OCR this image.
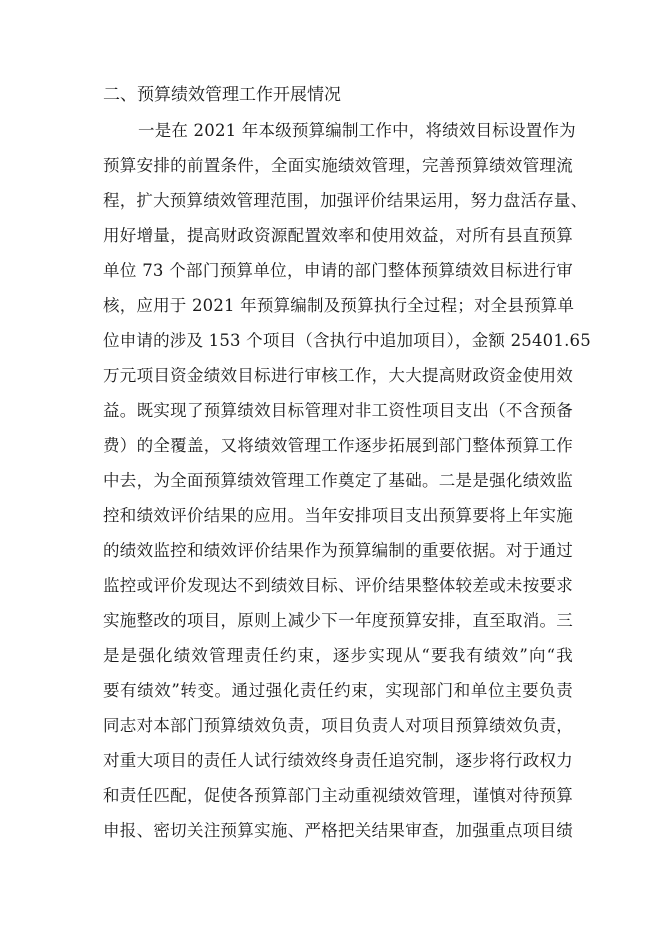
二、预算绩效管理工作开展情况
一是在 2021 年本级预算编制工作中，将绩效目标设置作为
预算安排的前置条件，全面实施绩效管理，完善预算绩效管理流
程，扩大预算绩效管理范围，加强评价结果运用，努力盘活存量、
用好增量，提高财政资源配置效率和使用效益，对所有县直预算
单位 73 个部门预算单位，申请的部门整体预算绩效目标进行审
核，应用于 2021 年预算编制及预算执行全过程；对全县预算单
位申请的涉及 153 个项目（含执行中追加项目），金额 25401.65
万元项目资金绩效目标进行审核工作，大大提高财政资金使用效
益。既实现了预算绩效目标管理对非工资性项目支出（不含预备
费）的全覆盖，又将绩效管理工作逐步拓展到部门整体预算工作
中去，为全面预算绩效管理工作奠定了基础。二是是强化绩效监
控和绩效评价结果的应用。当年安排项目支出预算要将上年实施
的绩效监控和绩效评价结果作为预算编制的重要依据。对于通过
监控或评价发现达不到绩效目标、评价结果整体较差或未按要求
实施整改的项目，原则上减少下一年度预算安排，直至取消。三
是是强化绩效管理责任约束，逐步实现从“要我有绩效”向“我
要有绩效”转变。通过强化责任约束，实现部门和单位主要负责
同志对本部门预算绩效负责，项目负责人对项目预算绩效负责，
对重大项目的责任人试行绩效终身责任追究制，逐步将行政权力
和责任匹配，促使各预算部门主动重视绩效管理，谨慎对待预算
申报、密切关注预算实施、严格把关结果审查，加强重点项目绩
